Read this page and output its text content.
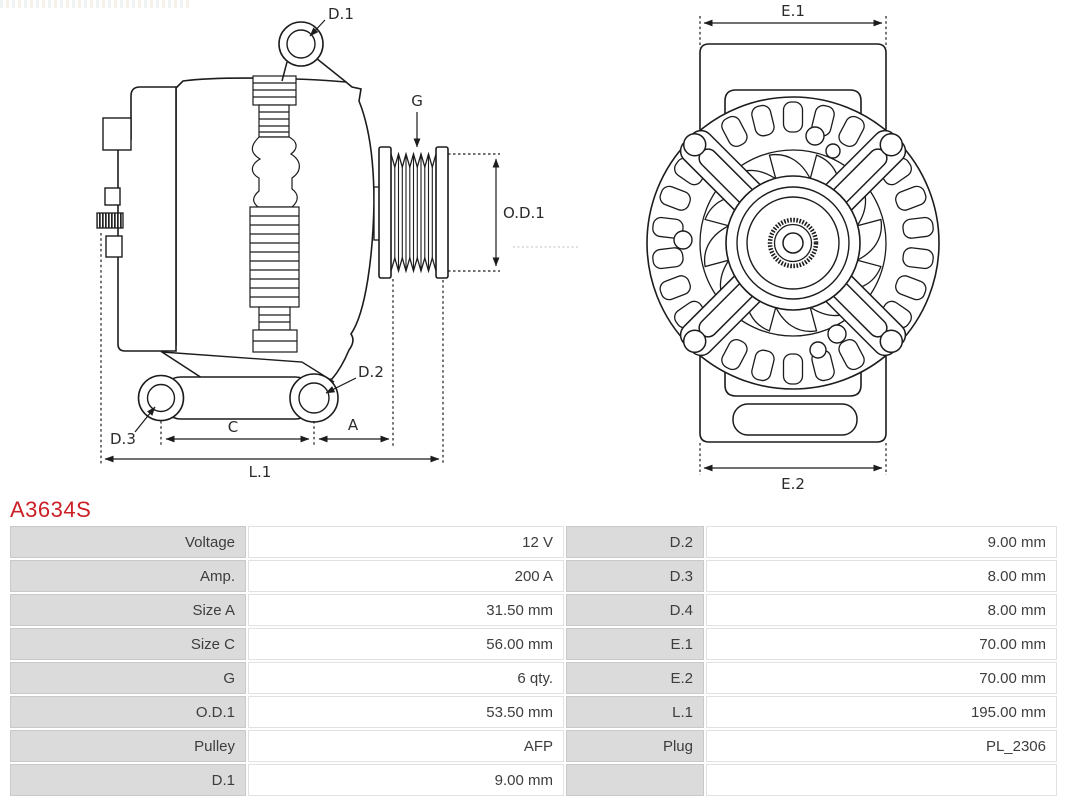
D.1
G
O.D.1
D.2
D.3
C	A
L.1
E.1
E.2
A3634S
Voltage	12 V	D.2	9.00 mm
Amp.	200 A	D.3	8.00 mm
Size A	31.50 mm	D.4	8.00 mm
Size C	56.00 mm	E.1	70.00 mm
G	6 qty.	E.2	70.00 mm
O.D.1	53.50 mm	L.1	195.00 mm
Pulley	AFP	Plug	PL_2306
D.1	9.00 mm		
